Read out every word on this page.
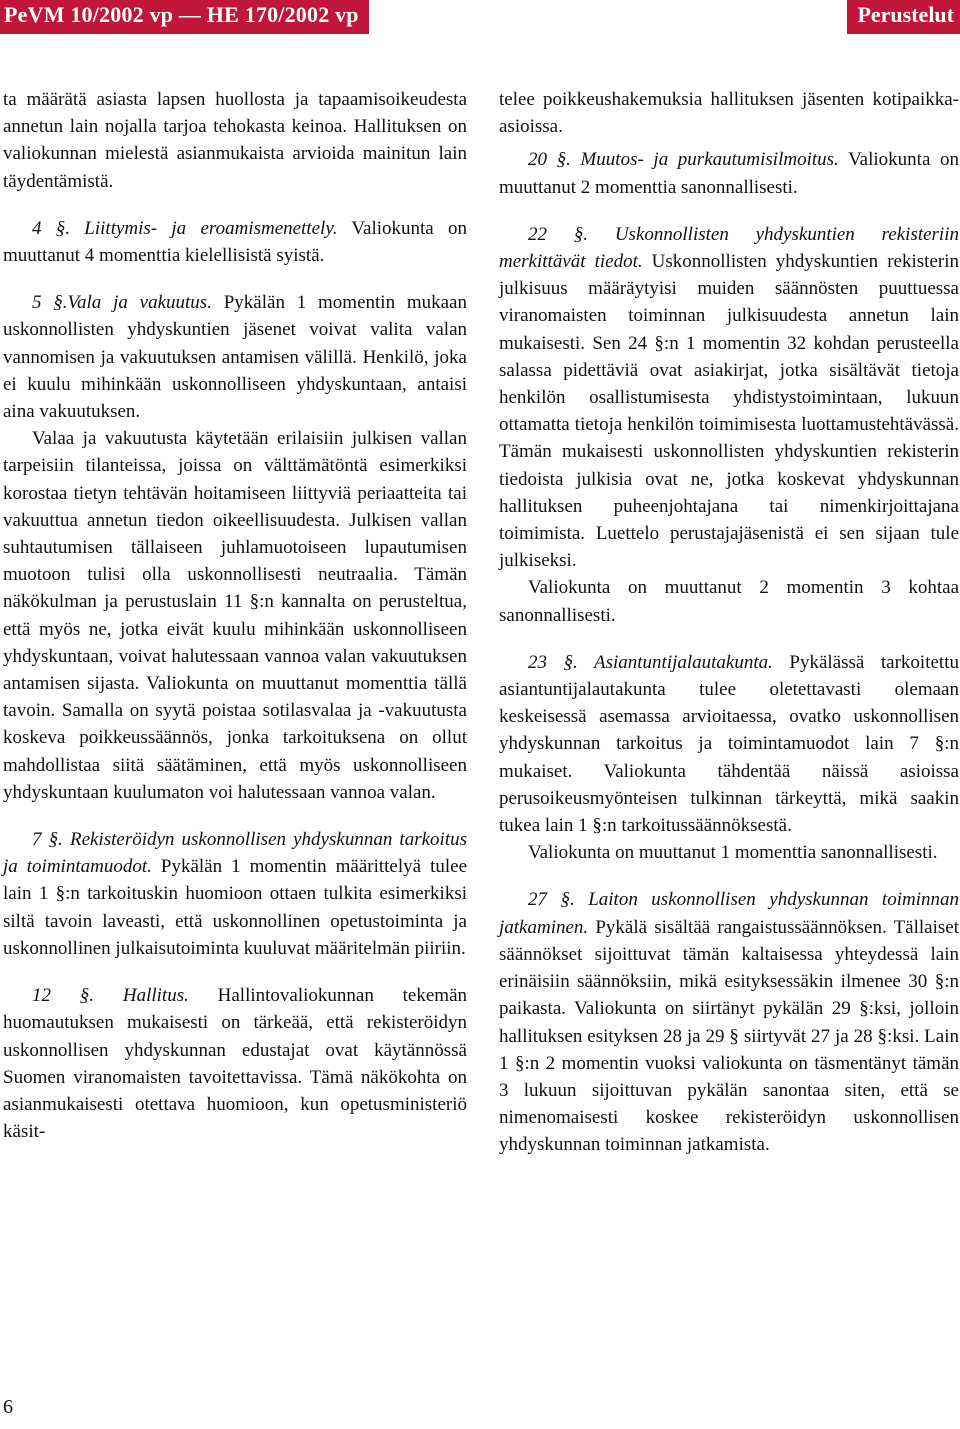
PeVM 10/2002 vp — HE 170/2002 vp	Perustelut

ta määrätä asiasta lapsen huollosta ja tapaamisoikeudesta annetun lain nojalla tarjoa tehokasta keinoa. Hallituksen on valiokunnan mielestä asianmukaista arvioida mainitun lain täydentämistä.

4 §. Liittymis- ja eroamismenettely. Valiokunta on muuttanut 4 momenttia kielellisistä syistä.

5 §.Vala ja vakuutus. Pykälän 1 momentin mukaan uskonnollisten yhdyskuntien jäsenet voivat valita valan vannomisen ja vakuutuksen antamisen välillä. Henkilö, joka ei kuulu mihinkään uskonnolliseen yhdyskuntaan, antaisi aina vakuutuksen.

Valaa ja vakuutusta käytetään erilaisiin julkisen vallan tarpeisiin tilanteissa, joissa on välttämätöntä esimerkiksi korostaa tietyn tehtävän hoitamiseen liittyviä periaatteita tai vakuuttua annetun tiedon oikeellisuudesta. Julkisen vallan suhtautumisen tällaiseen juhlamuotoiseen lupautumisen muotoon tulisi olla uskonnollisesti neutraalia. Tämän näkökulman ja perustuslain 11 §:n kannalta on perusteltua, että myös ne, jotka eivät kuulu mihinkään uskonnolliseen yhdyskuntaan, voivat halutessaan vannoa valan vakuutuksen antamisen sijasta. Valiokunta on muuttanut momenttia tällä tavoin. Samalla on syytä poistaa sotilasvalaa ja -vakuutusta koskeva poikkeussäännös, jonka tarkoituksena on ollut mahdollistaa siitä säätäminen, että myös uskonnolliseen yhdyskuntaan kuulumaton voi halutessaan vannoa valan.

7 §. Rekisteröidyn uskonnollisen yhdyskunnan tarkoitus ja toimintamuodot. Pykälän 1 momentin määrittelyä tulee lain 1 §:n tarkoituskin huomioon ottaen tulkita esimerkiksi siltä tavoin laveasti, että uskonnollinen opetustoiminta ja uskonnollinen julkaisutoiminta kuuluvat määritelmän piiriin.

12 §. Hallitus. Hallintovaliokunnan tekemän huomautuksen mukaisesti on tärkeää, että rekisteröidyn uskonnollisen yhdyskunnan edustajat ovat käytännössä Suomen viranomaisten tavoitettavissa. Tämä näkökohta on asianmukaisesti otettava huomioon, kun opetusministeriö käsit-

telee poikkeushakemuksia hallituksen jäsenten kotipaikka-asioissa.

20 §. Muutos- ja purkautumisilmoitus. Valiokunta on muuttanut 2 momenttia sanonnallisesti.

22 §. Uskonnollisten yhdyskuntien rekisteriin merkittävät tiedot. Uskonnollisten yhdyskuntien rekisterin julkisuus määräytyisi muiden säännösten puuttuessa viranomaisten toiminnan julkisuudesta annetun lain mukaisesti. Sen 24 §:n 1 momentin 32 kohdan perusteella salassa pidettäviä ovat asiakirjat, jotka sisältävät tietoja henkilön osallistumisesta yhdistystoimintaan, lukuun ottamatta tietoja henkilön toimimisesta luottamustehtävässä. Tämän mukaisesti uskonnollisten yhdyskuntien rekisterin tiedoista julkisia ovat ne, jotka koskevat yhdyskunnan hallituksen puheenjohtajana tai nimenkirjoittajana toimimista. Luettelo perustajajäsenistä ei sen sijaan tule julkiseksi.

Valiokunta on muuttanut 2 momentin 3 kohtaa sanonnallisesti.

23 §. Asiantuntijalautakunta. Pykälässä tarkoitettu asiantuntijalautakunta tulee oletettavasti olemaan keskeisessä asemassa arvioitaessa, ovatko uskonnollisen yhdyskunnan tarkoitus ja toimintamuodot lain 7 §:n mukaiset. Valiokunta tähdentää näissä asioissa perusoikeusmyönteisen tulkinnan tärkeyttä, mikä saakin tukea lain 1 §:n tarkoitussäännöksestä.

Valiokunta on muuttanut 1 momenttia sanonnallisesti.

27 §. Laiton uskonnollisen yhdyskunnan toiminnan jatkaminen. Pykälä sisältää rangaistussäännöksen. Tällaiset säännökset sijoittuvat tämän kaltaisessa yhteydessä lain erinäisiin säännöksiin, mikä esityksessäkin ilmenee 30 §:n paikasta. Valiokunta on siirtänyt pykälän 29 §:ksi, jolloin hallituksen esityksen 28 ja 29 § siirtyvät 27 ja 28 §:ksi. Lain 1 §:n 2 momentin vuoksi valiokunta on täsmentänyt tämän 3 lukuun sijoittuvan pykälän sanontaa siten, että se nimenomaisesti koskee rekisteröidyn uskonnollisen yhdyskunnan toiminnan jatkamista.

6
